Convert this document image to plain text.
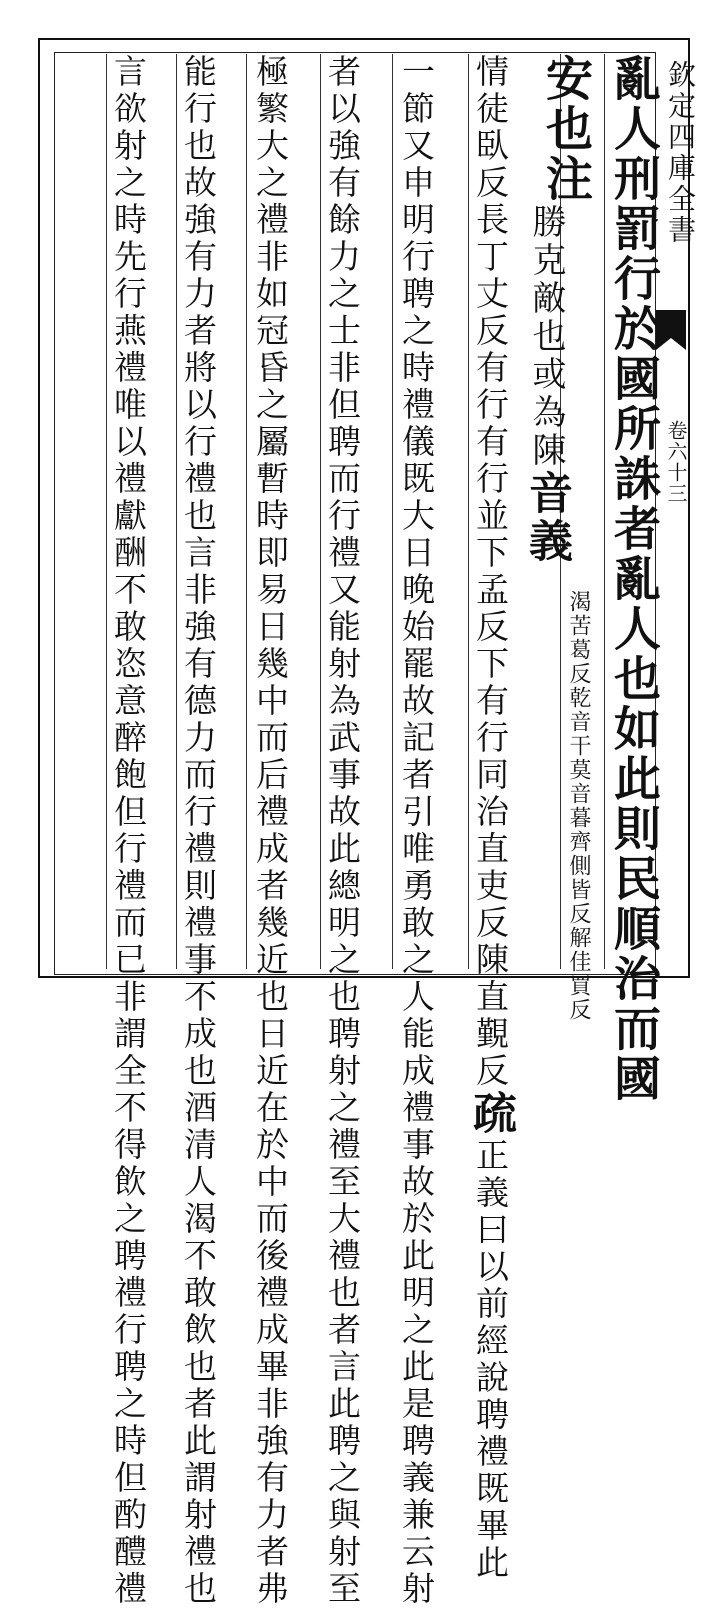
欽定四庫全書
卷六十三
亂人刑罰行於國所誅者亂人也如此則民順治而國
安也注
勝克敵也或為陳音義
渴苦葛反乾音干莫音暮齊側皆反解佳買反
情徒臥反長丁丈反有行有行並下孟反下有行同治直吏反陳直覲反疏正義曰以前經說聘禮既畢此
一節又申明行聘之時禮儀既大日晚始罷故記者引唯勇敢之人能成禮事故於此明之此是聘義兼云射
者以強有餘力之士非但聘而行禮又能射為武事故此總明之也聘射之禮至大禮也者言此聘之與射至
極繁大之禮非如冠昏之屬暫時即易日幾中而后禮成者幾近也日近在於中而後禮成畢非強有力者弗
能行也故強有力者將以行禮也言非強有德力而行禮則禮事不成也酒清人渴不敢飲也者此謂射禮也
言欲射之時先行燕禮唯以禮獻酬不敢恣意醉飽但行禮而已非謂全不得飲之聘禮行聘之時但酌醴禮
